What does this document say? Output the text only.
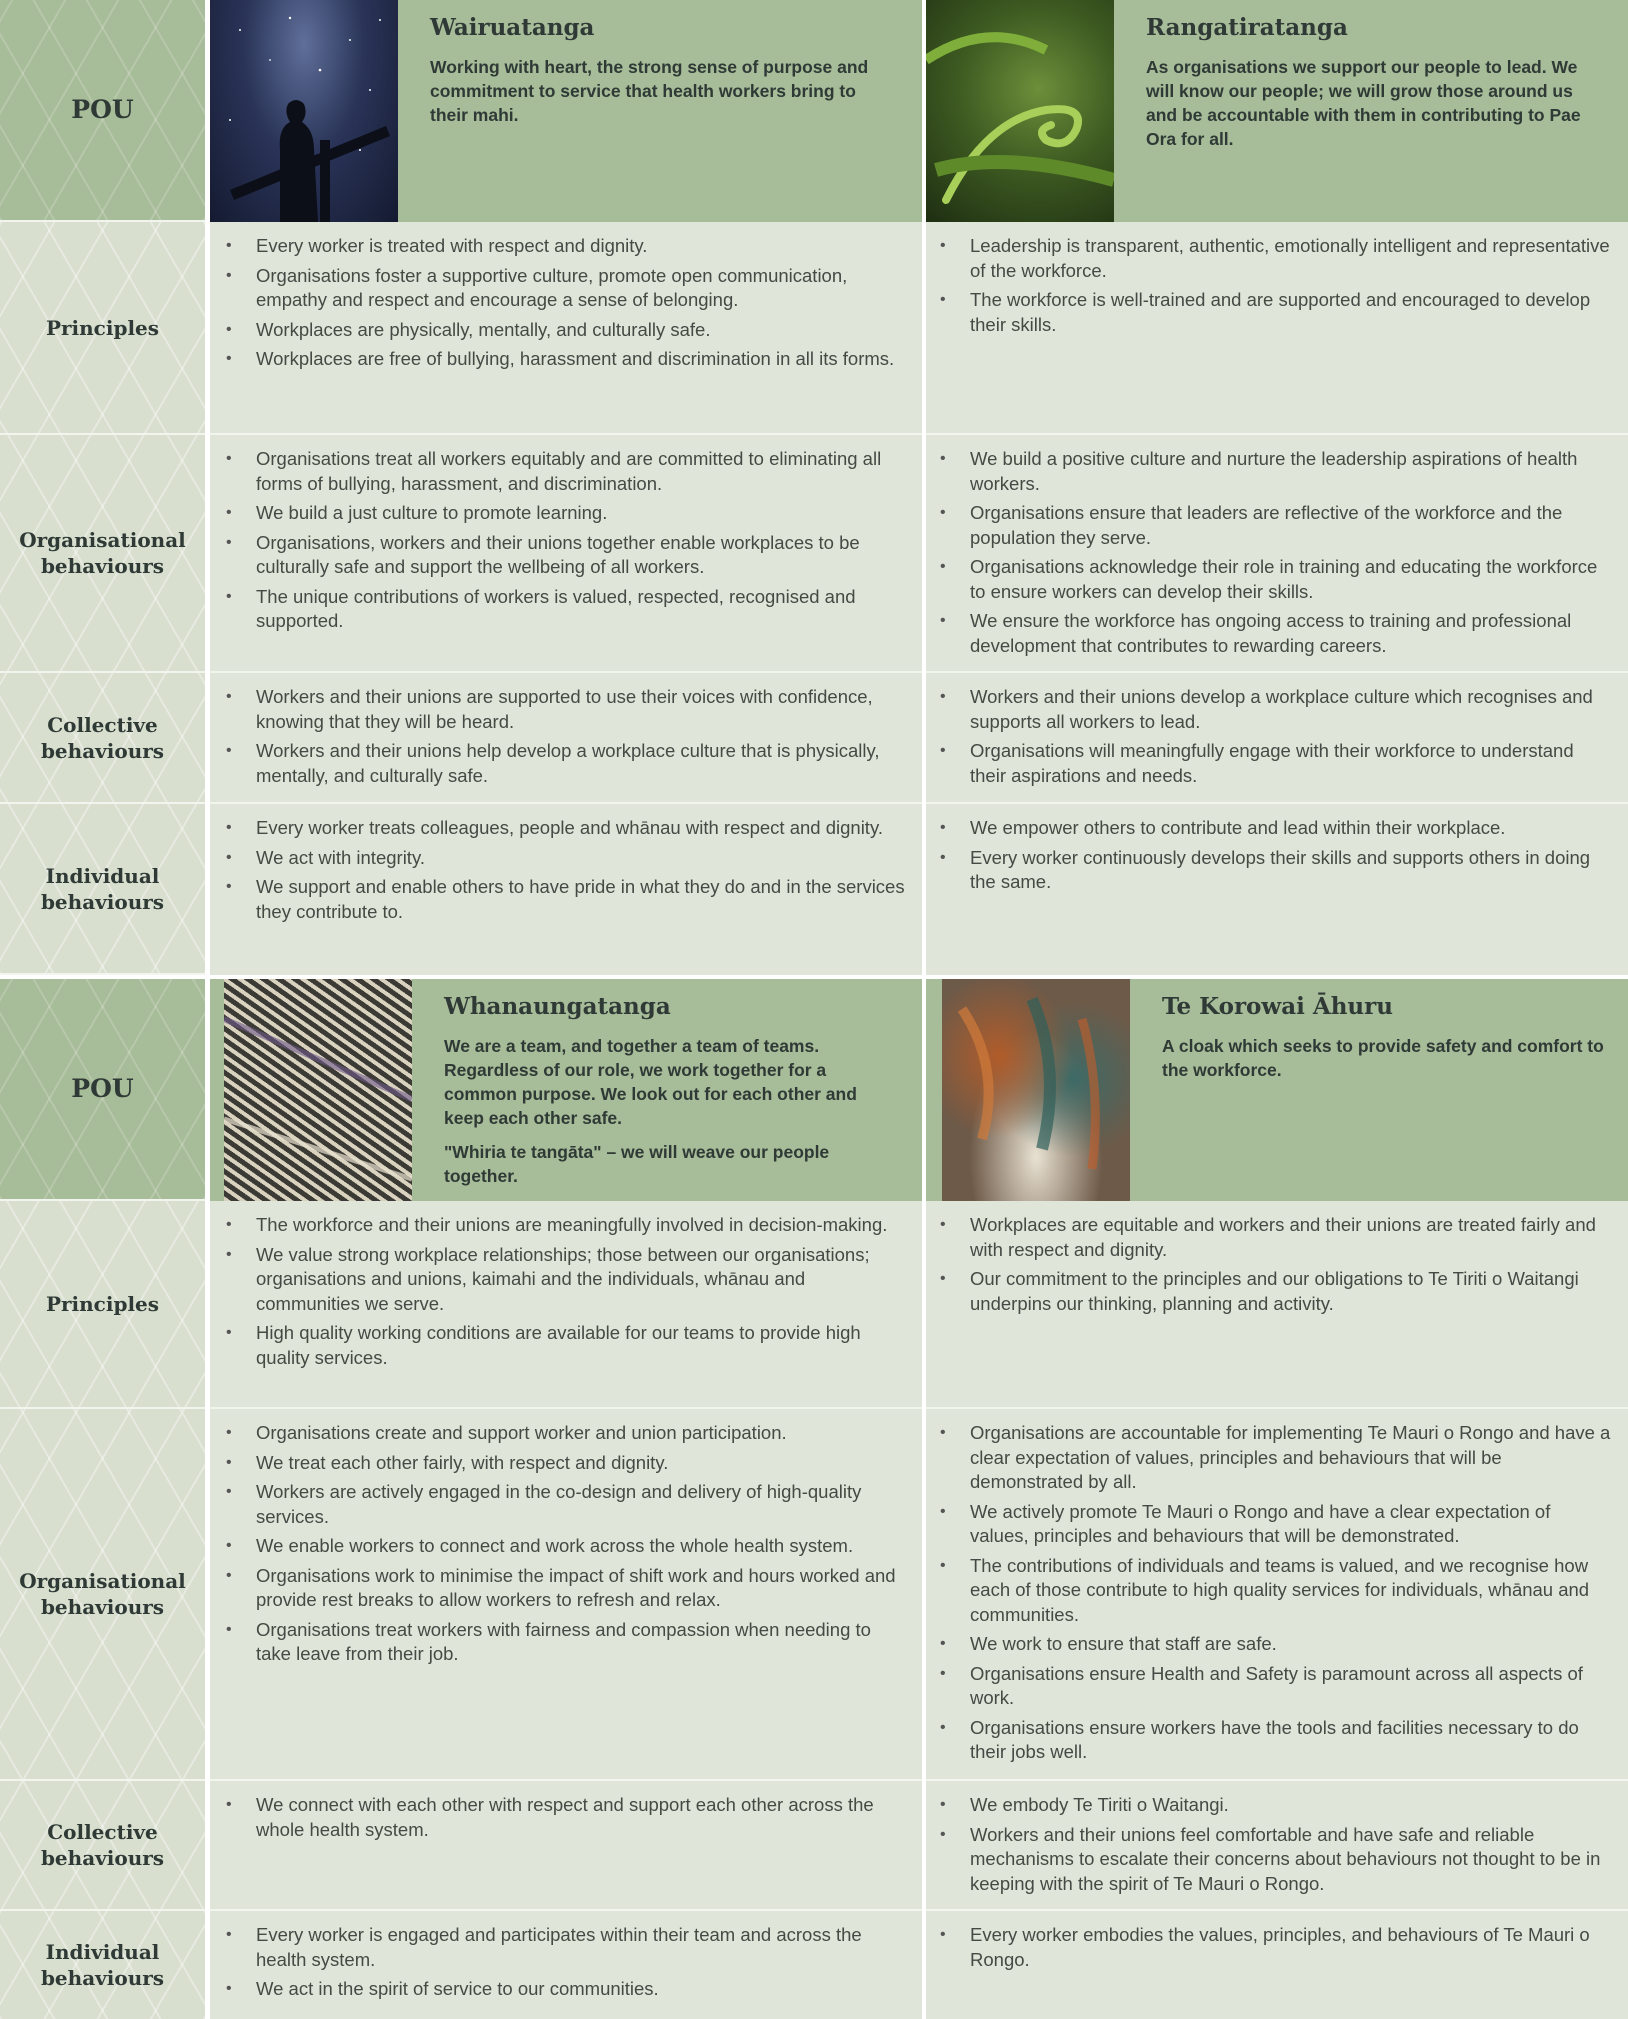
POU
Principles
Organisational behaviours
Collective behaviours
Individual behaviours
Wairuatanga
Working with heart, the strong sense of purpose and commitment to service that health workers bring to their mahi.
• Every worker is treated with respect and dignity.
• Organisations foster a supportive culture, promote open communication, empathy and respect and encourage a sense of belonging.
• Workplaces are physically, mentally, and culturally safe.
• Workplaces are free of bullying, harassment and discrimination in all its forms.
• Organisations treat all workers equitably and are committed to eliminating all forms of bullying, harassment, and discrimination.
• We build a just culture to promote learning.
• Organisations, workers and their unions together enable workplaces to be culturally safe and support the wellbeing of all workers.
• The unique contributions of workers is valued, respected, recognised and supported.
• Workers and their unions are supported to use their voices with confidence, knowing that they will be heard.
• Workers and their unions help develop a workplace culture that is physically, mentally, and culturally safe.
• Every worker treats colleagues, people and whānau with respect and dignity.
• We act with integrity.
• We support and enable others to have pride in what they do and in the services they contribute to.
Rangatiratanga
As organisations we support our people to lead. We will know our people; we will grow those around us and be accountable with them in contributing to Pae Ora for all.
• Leadership is transparent, authentic, emotionally intelligent and representative of the workforce.
• The workforce is well-trained and are supported and encouraged to develop their skills.
• We build a positive culture and nurture the leadership aspirations of health workers.
• Organisations ensure that leaders are reflective of the workforce and the population they serve.
• Organisations acknowledge their role in training and educating the workforce to ensure workers can develop their skills.
• We ensure the workforce has ongoing access to training and professional development that contributes to rewarding careers.
• Workers and their unions develop a workplace culture which recognises and supports all workers to lead.
• Organisations will meaningfully engage with their workforce to understand their aspirations and needs.
• We empower others to contribute and lead within their workplace.
• Every worker continuously develops their skills and supports others in doing the same.
POU
Principles
Organisational behaviours
Collective behaviours
Individual behaviours
Whanaungatanga
We are a team, and together a team of teams. Regardless of our role, we work together for a common purpose. We look out for each other and keep each other safe.
"Whiria te tangāta" – we will weave our people together.
• The workforce and their unions are meaningfully involved in decision-making.
• We value strong workplace relationships; those between our organisations; organisations and unions, kaimahi and the individuals, whānau and communities we serve.
• High quality working conditions are available for our teams to provide high quality services.
• Organisations create and support worker and union participation.
• We treat each other fairly, with respect and dignity.
• Workers are actively engaged in the co-design and delivery of high-quality services.
• We enable workers to connect and work across the whole health system.
• Organisations work to minimise the impact of shift work and hours worked and provide rest breaks to allow workers to refresh and relax.
• Organisations treat workers with fairness and compassion when needing to take leave from their job.
• We connect with each other with respect and support each other across the whole health system.
• Every worker is engaged and participates within their team and across the health system.
• We act in the spirit of service to our communities.
Te Korowai Āhuru
A cloak which seeks to provide safety and comfort to the workforce.
• Workplaces are equitable and workers and their unions are treated fairly and with respect and dignity.
• Our commitment to the principles and our obligations to Te Tiriti o Waitangi underpins our thinking, planning and activity.
• Organisations are accountable for implementing Te Mauri o Rongo and have a clear expectation of values, principles and behaviours that will be demonstrated by all.
• We actively promote Te Mauri o Rongo and have a clear expectation of values, principles and behaviours that will be demonstrated.
• The contributions of individuals and teams is valued, and we recognise how each of those contribute to high quality services for individuals, whānau and communities.
• We work to ensure that staff are safe.
• Organisations ensure Health and Safety is paramount across all aspects of work.
• Organisations ensure workers have the tools and facilities necessary to do their jobs well.
• We embody Te Tiriti o Waitangi.
• Workers and their unions feel comfortable and have safe and reliable mechanisms to escalate their concerns about behaviours not thought to be in keeping with the spirit of Te Mauri o Rongo.
• Every worker embodies the values, principles, and behaviours of Te Mauri o Rongo.
